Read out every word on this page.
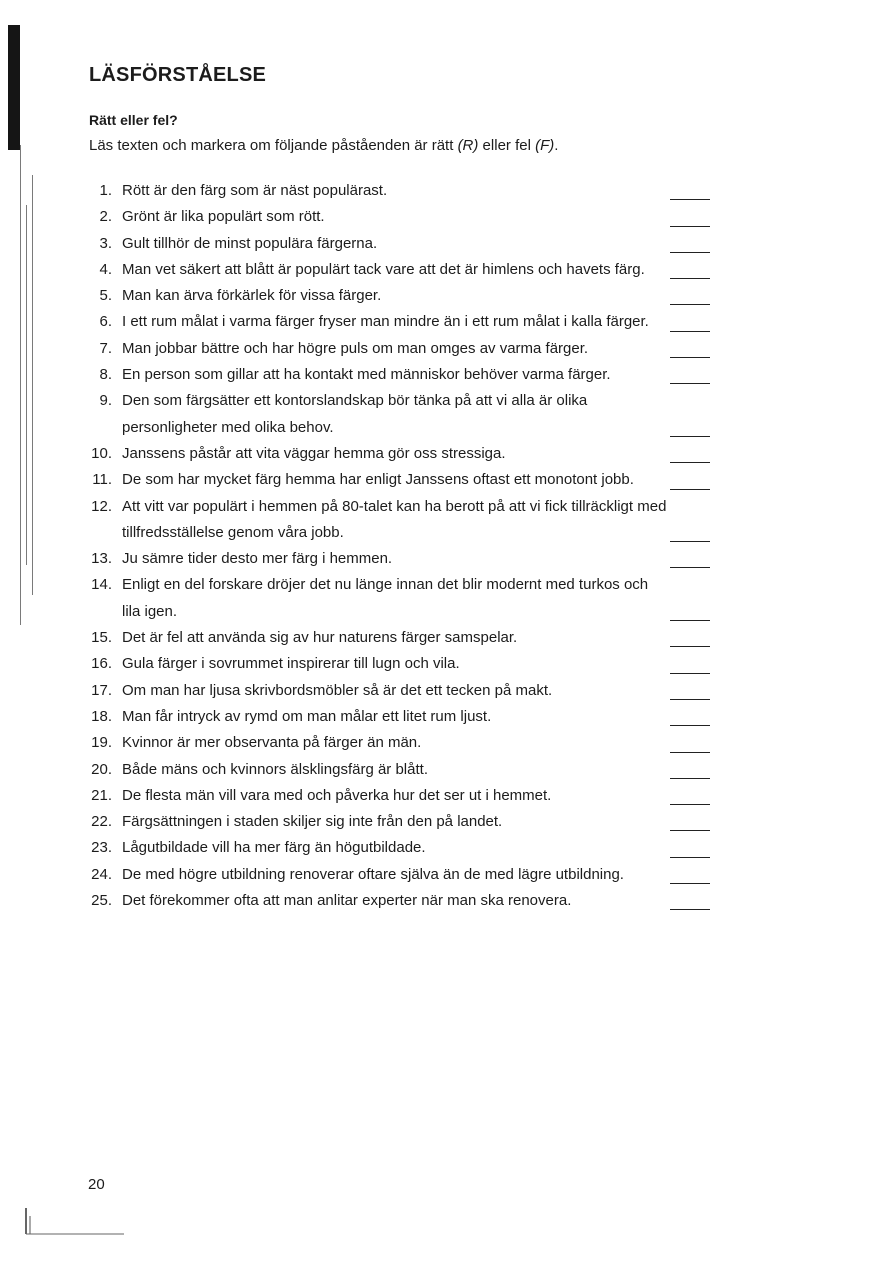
LÄSFÖRSTÅELSE
Rätt eller fel?

Läs texten och markera om följande påståenden är rätt (R) eller fel (F).

1. Rött är den färg som är näst populärast.
2. Grönt är lika populärt som rött.
3. Gult tillhör de minst populära färgerna.
4. Man vet säkert att blått är populärt tack vare att det är himlens och havets färg.
5. Man kan ärva förkärlek för vissa färger.
6. I ett rum målat i varma färger fryser man mindre än i ett rum målat i kalla färger.
7. Man jobbar bättre och har högre puls om man omges av varma färger.
8. En person som gillar att ha kontakt med människor behöver varma färger.
9. Den som färgsätter ett kontorslandskap bör tänka på att vi alla är olika personligheter med olika behov.
10. Janssens påstår att vita väggar hemma gör oss stressiga.
11. De som har mycket färg hemma har enligt Janssens oftast ett monotont jobb.
12. Att vitt var populärt i hemmen på 80-talet kan ha berott på att vi fick tillräckligt med tillfredsställelse genom våra jobb.
13. Ju sämre tider desto mer färg i hemmen.
14. Enligt en del forskare dröjer det nu länge innan det blir modernt med turkos och lila igen.
15. Det är fel att använda sig av hur naturens färger samspelar.
16. Gula färger i sovrummet inspirerar till lugn och vila.
17. Om man har ljusa skrivbordsmöbler så är det ett tecken på makt.
18. Man får intryck av rymd om man målar ett litet rum ljust.
19. Kvinnor är mer observanta på färger än män.
20. Både mäns och kvinnors älsklingsfärg är blått.
21. De flesta män vill vara med och påverka hur det ser ut i hemmet.
22. Färgsättningen i staden skiljer sig inte från den på landet.
23. Lågutbildade vill ha mer färg än högutbildade.
24. De med högre utbildning renoverar oftare själva än de med lägre utbildning.
25. Det förekommer ofta att man anlitar experter när man ska renovera.

20
